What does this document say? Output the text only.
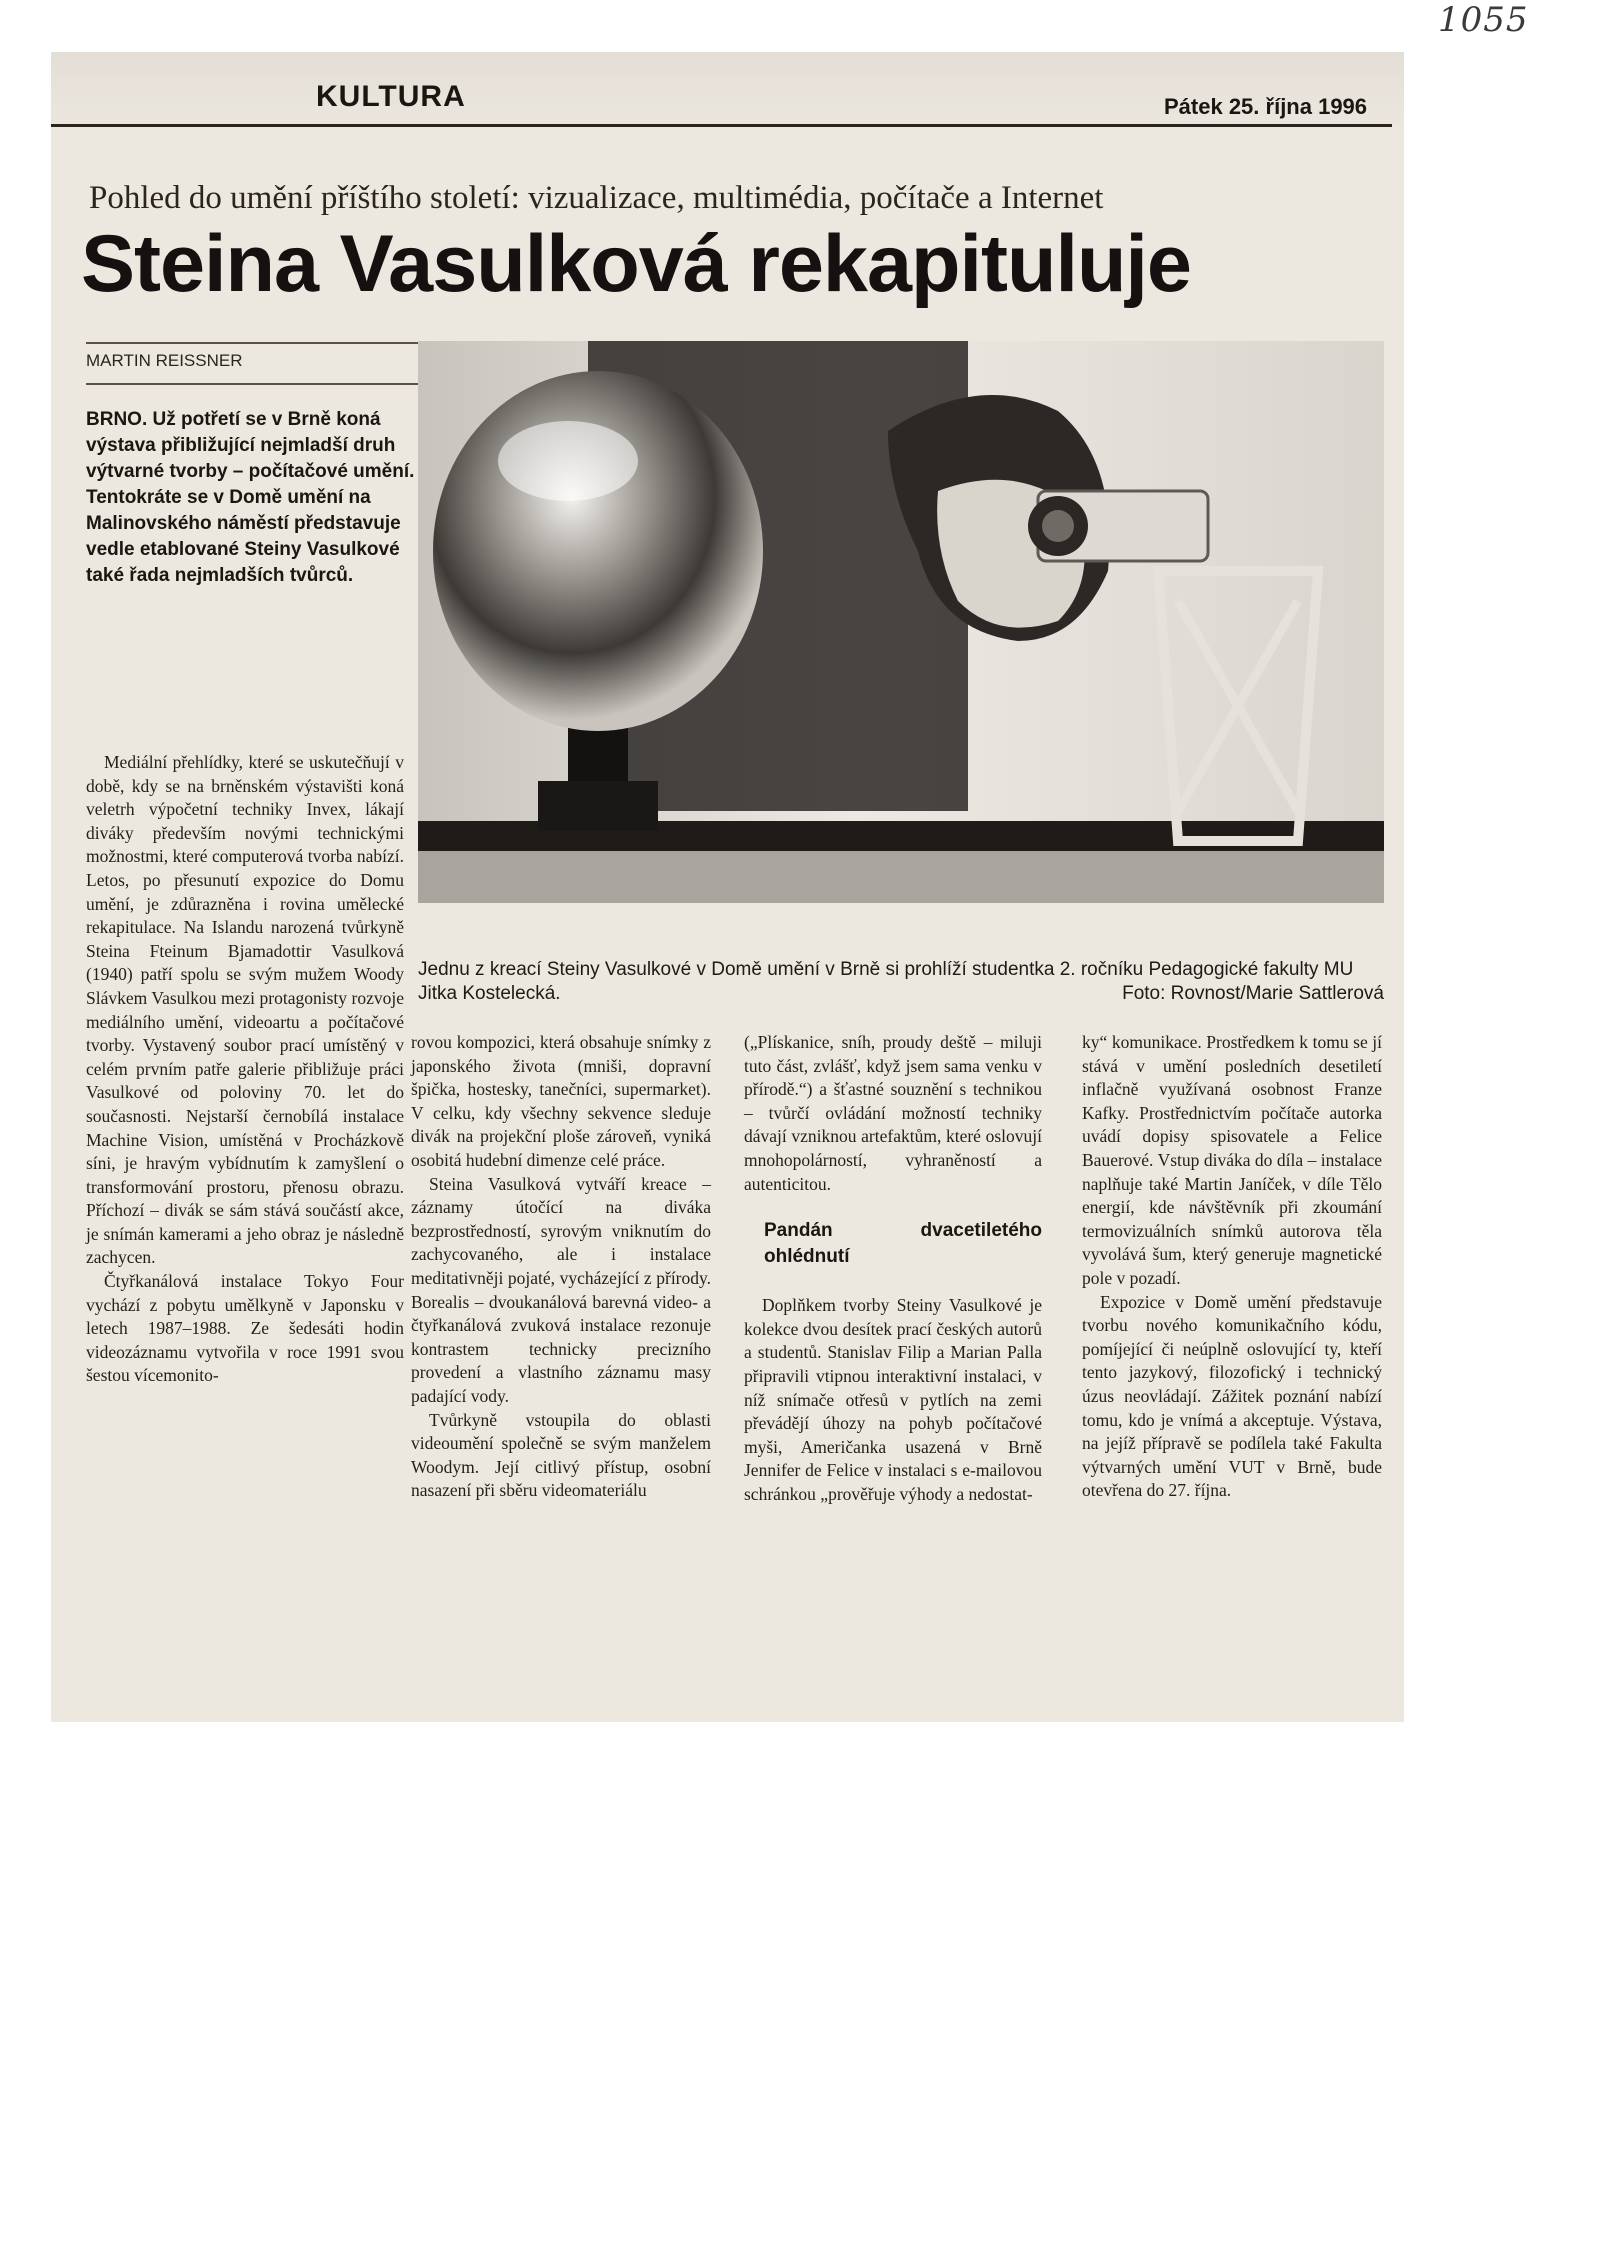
1055
KULTURA	Pátek 25. října 1996
Pohled do umění příštího století: vizualizace, multimédia, počítače a Internet
Steina Vasulková rekapituluje
MARTIN REISSNER
BRNO. Už potřetí se v Brně koná výstava přibližující nejmladší druh výtvarné tvorby – počítačové umění. Tentokráte se v Domě umění na Malinovského náměstí představuje vedle etablované Steiny Vasulkové také řada nejmladších tvůrců.

Mediální přehlídky, které se uskutečňují v době, kdy se na brněnském výstavišti koná veletrh výpočetní techniky Invex, lákají diváky především novými technickými možnostmi, které computerová tvorba nabízí. Letos, po přesunutí expozice do Domu umění, je zdůrazněna i rovina umělecké rekapitulace. Na Islandu narozená tvůrkyně Steina Fteinum Bjamadottir Vasulková (1940) patří spolu se svým mužem Woody Slávkem Vasulkou mezi protagonisty rozvoje mediálního umění, videoartu a počítačové tvorby. Vystavený soubor prací umístěný v celém prvním patře galerie přibližuje práci Vasulkové od poloviny 70. let do současnosti. Nejstarší černobílá instalace Machine Vision, umístěná v Procházkově síni, je hravým vybídnutím k zamyšlení o transformování prostoru, přenosu obrazu. Příchozí – divák se sám stává součástí akce, je snímán kamerami a jeho obraz je následně zachycen.

Čtyřkanálová instalace Tokyo Four vychází z pobytu umělkyně v Japonsku v letech 1987–1988. Ze šedesáti hodin videozáznamu vytvořila v roce 1991 svou šestou vícemonito-

Jednu z kreací Steiny Vasulkové v Domě umění v Brně si prohlíží studentka 2. ročníku Pedagogické fakulty MU Jitka Kostelecká.	Foto: Rovnost/Marie Sattlerová

rovou kompozici, která obsahuje snímky z japonského života (mniši, dopravní špička, hostesky, tanečníci, supermarket). V celku, kdy všechny sekvence sleduje divák na projekční ploše zároveň, vyniká osobitá hudební dimenze celé práce.

Steina Vasulková vytváří kreace – záznamy útočící na diváka bezprostředností, syrovým vniknutím do zachycovaného, ale i instalace meditativněji pojaté, vycházející z přírody. Borealis – dvoukanálová barevná video- a čtyřkanálová zvuková instalace rezonuje kontrastem technicky precizního provedení a vlastního záznamu masy padající vody.

Tvůrkyně vstoupila do oblasti videoumění společně se svým manželem Woodym. Její citlivý přístup, osobní nasazení při sběru videomateriálu

(„Plískanice, sníh, proudy deště – miluji tuto část, zvlášť, když jsem sama venku v přírodě.“) a šťastné souznění s technikou – tvůrčí ovládání možností techniky dávají vzniknou artefaktům, které oslovují mnohopolárností, vyhraněností a autenticitou.

Pandán dvacetiletého ohlédnutí

Doplňkem tvorby Steiny Vasulkové je kolekce dvou desítek prací českých autorů a studentů. Stanislav Filip a Marian Palla připravili vtipnou interaktivní instalaci, v níž snímače otřesů v pytlích na zemi převádějí úhozy na pohyb počítačové myši, Američanka usazená v Brně Jennifer de Felice v instalaci s e-mailovou schránkou „prověřuje výhody a nedostat-

ky“ komunikace. Prostředkem k tomu se jí stává v umění posledních desetiletí inflačně využívaná osobnost Franze Kafky. Prostřednictvím počítače autorka uvádí dopisy spisovatele a Felice Bauerové. Vstup diváka do díla – instalace naplňuje také Martin Janíček, v díle Tělo energií, kde návštěvník při zkoumání termovizuálních snímků autorova těla vyvolává šum, který generuje magnetické pole v pozadí.

Expozice v Domě umění představuje tvorbu nového komunikačního kódu, pomíjející či neúplně oslovující ty, kteří tento jazykový, filozofický i technický úzus neovládají. Zážitek poznání nabízí tomu, kdo je vnímá a akceptuje. Výstava, na jejíž přípravě se podílela také Fakulta výtvarných umění VUT v Brně, bude otevřena do 27. října.
